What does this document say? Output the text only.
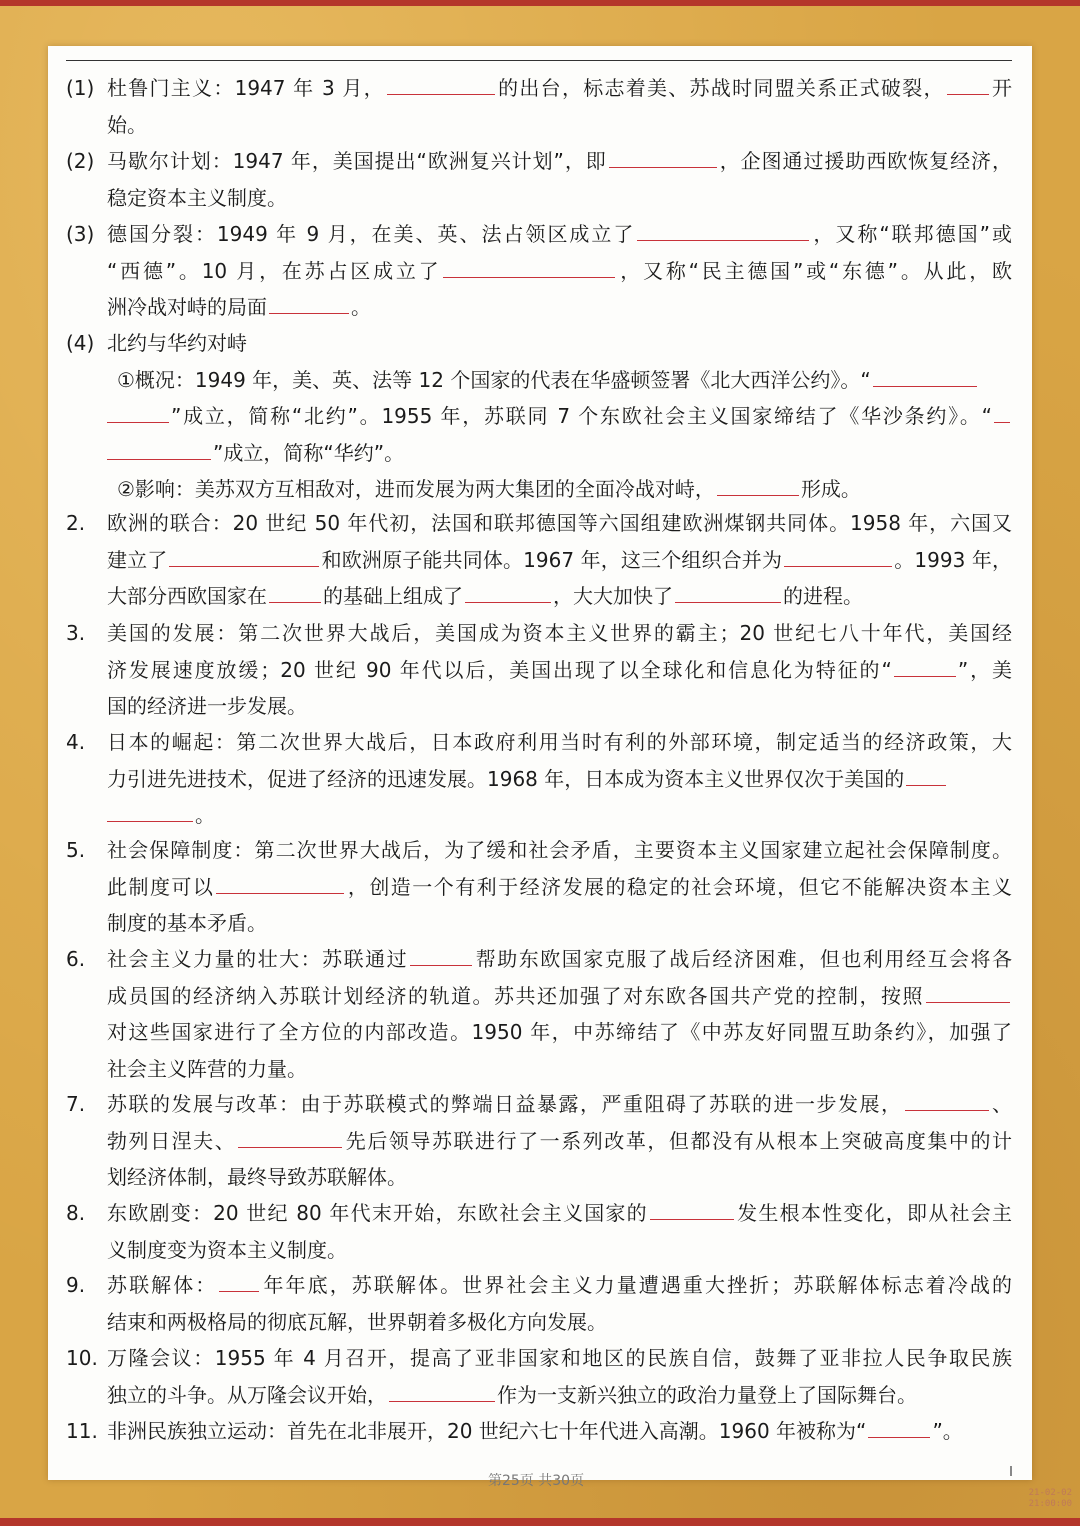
(1) 杜鲁门主义：1947 年 3 月，	的出台，标志着美、苏战时同盟关系正式破裂， 开
始。
(2) 马歇尔计划：1947 年，美国提出“欧洲复兴计划”，即	，企图通过援助西欧恢复经济，
稳定资本主义制度。
(3) 德国分裂：1949 年 9 月，在美、英、法占领区成立了	，又称“联邦德国”或
“西德”。10 月，在苏占区成立了	，又称“民主德国”或“东德”。从此，欧
洲冷战对峙的局面	。
(4) 北约与华约对峙
①概况：1949 年，美、英、法等 12 个国家的代表在华盛顿签署《北大西洋公约》。“
”成立，简称“北约”。1955 年，苏联同 7 个东欧社会主义国家缔结了《华沙条约》。“
”成立，简称“华约”。
②影响：美苏双方互相敌对，进而发展为两大集团的全面冷战对峙，	形成。
2. 欧洲的联合：20 世纪 50 年代初，法国和联邦德国等六国组建欧洲煤钢共同体。1958 年，六国又
建立了	和欧洲原子能共同体。1967 年，这三个组织合并为	。1993 年，
大部分西欧国家在	的基础上组成了	，大大加快了	的进程。
3. 美国的发展：第二次世界大战后，美国成为资本主义世界的霸主；20 世纪七八十年代，美国经
济发展速度放缓；20 世纪 90 年代以后，美国出现了以全球化和信息化为特征的“	”，美
国的经济进一步发展。
4. 日本的崛起：第二次世界大战后，日本政府利用当时有利的外部环境，制定适当的经济政策，大
力引进先进技术，促进了经济的迅速发展。1968 年，日本成为资本主义世界仅次于美国的
。
5. 社会保障制度：第二次世界大战后，为了缓和社会矛盾，主要资本主义国家建立起社会保障制度。
此制度可以	，创造一个有利于经济发展的稳定的社会环境，但它不能解决资本主义
制度的基本矛盾。
6. 社会主义力量的壮大：苏联通过	帮助东欧国家克服了战后经济困难，但也利用经互会将各
成员国的经济纳入苏联计划经济的轨道。苏共还加强了对东欧各国共产党的控制，按照
对这些国家进行了全方位的内部改造。1950 年，中苏缔结了《中苏友好同盟互助条约》，加强了
社会主义阵营的力量。
7. 苏联的发展与改革：由于苏联模式的弊端日益暴露，严重阻碍了苏联的进一步发展，	、
勃列日涅夫、	先后领导苏联进行了一系列改革，但都没有从根本上突破高度集中的计
划经济体制，最终导致苏联解体。
8. 东欧剧变：20 世纪 80 年代末开始，东欧社会主义国家的	发生根本性变化，即从社会主
义制度变为资本主义制度。
9. 苏联解体： 年年底，苏联解体。世界社会主义力量遭遇重大挫折；苏联解体标志着冷战的
结束和两极格局的彻底瓦解，世界朝着多极化方向发展。
10. 万隆会议：1955 年 4 月召开，提高了亚非国家和地区的民族自信，鼓舞了亚非拉人民争取民族
独立的斗争。从万隆会议开始，	作为一支新兴独立的政治力量登上了国际舞台。
11. 非洲民族独立运动：首先在北非展开，20 世纪六七十年代进入高潮。1960 年被称为“	”。
第25页 共30页
21-02-02
21:00:00
